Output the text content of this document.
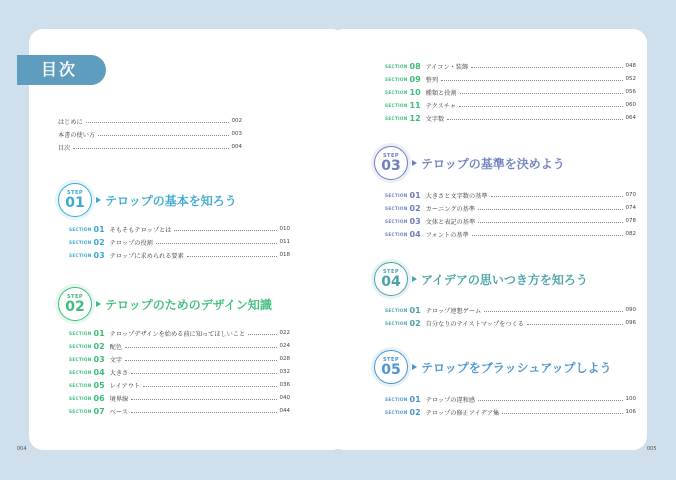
目次
はじめに	002
本書の使い方	003
目次	004
STEP
01 テロップの基本を知ろう
SECTION 01 そもそもテロップとは	010
SECTION 02 テロップの役割	011
SECTION 03 テロップに求められる要素	018
STEP
02 テロップのためのデザイン知識
SECTION 01 テロップデザインを始める前に知ってほしいこと	022
SECTION 02 配色	024
SECTION 03 文字	028
SECTION 04 大きさ	032
SECTION 05 レイアウト	036
SECTION 06 境界線	040
SECTION 07 ベース	044
SECTION 08 アイコン・装飾	048
SECTION 09 整列	052
SECTION 10 種類と役割	056
SECTION 11 テクスチャ	060
SECTION 12 文字数	064
STEP
03 テロップの基準を決めよう
SECTION 01 大きさと文字数の基準	070
SECTION 02 カーニングの基準	074
SECTION 03 文体と表記の基準	078
SECTION 04 フォントの基準	082
STEP
04 アイデアの思いつき方を知ろう
SECTION 01 テロップ連想ゲーム	090
SECTION 02 自分なりのテイストマップをつくる	096
STEP
05 テロップをブラッシュアップしよう
SECTION 01 テロップの違和感	100
SECTION 02 テロップの修正アイデア集	106
004	005
